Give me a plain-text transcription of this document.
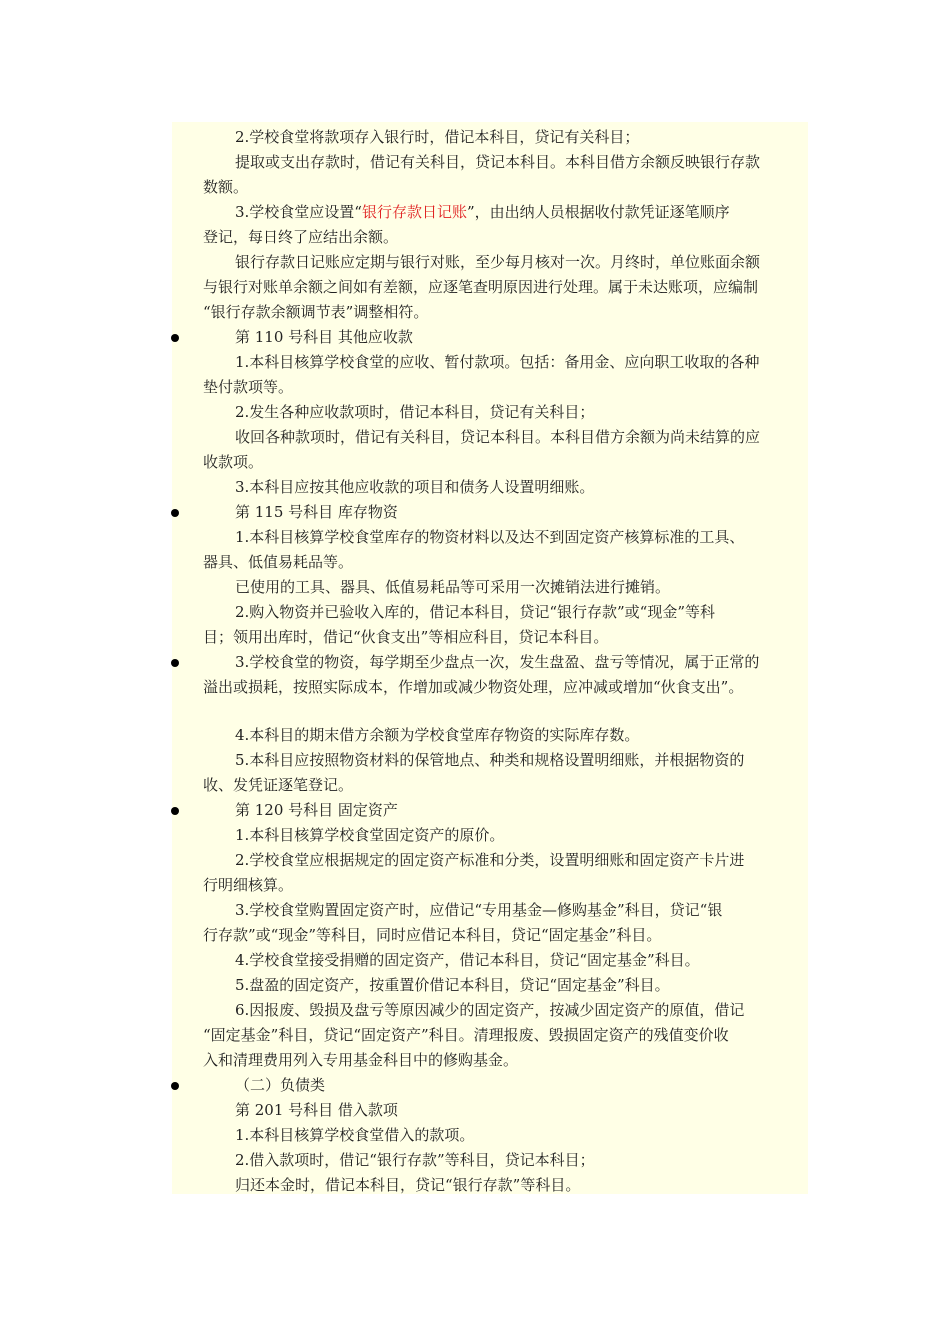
2.学校食堂将款项存入银行时，借记本科目，贷记有关科目；
提取或支出存款时，借记有关科目，贷记本科目。本科目借方余额反映银行存款
数额。
3.学校食堂应设置“银行存款日记账”，由出纳人员根据收付款凭证逐笔顺序
登记，每日终了应结出余额。
银行存款日记账应定期与银行对账，至少每月核对一次。月终时，单位账面余额
与银行对账单余额之间如有差额，应逐笔查明原因进行处理。属于未达账项，应编制
“银行存款余额调节表”调整相符。
第 110 号科目 其他应收款
1.本科目核算学校食堂的应收、暂付款项。包括：备用金、应向职工收取的各种
垫付款项等。
2.发生各种应收款项时，借记本科目，贷记有关科目；
收回各种款项时，借记有关科目，贷记本科目。本科目借方余额为尚未结算的应
收款项。
3.本科目应按其他应收款的项目和债务人设置明细账。
第 115 号科目 库存物资
1.本科目核算学校食堂库存的物资材料以及达不到固定资产核算标准的工具、
器具、低值易耗品等。
已使用的工具、器具、低值易耗品等可采用一次摊销法进行摊销。
2.购入物资并已验收入库的，借记本科目，贷记“银行存款”或“现金”等科
目；领用出库时，借记“伙食支出”等相应科目，贷记本科目。
3.学校食堂的物资，每学期至少盘点一次，发生盘盈、盘亏等情况，属于正常的
溢出或损耗，按照实际成本，作增加或减少物资处理，应冲减或增加“伙食支出”。
4.本科目的期末借方余额为学校食堂库存物资的实际库存数。
5.本科目应按照物资材料的保管地点、种类和规格设置明细账，并根据物资的
收、发凭证逐笔登记。
第 120 号科目 固定资产
1.本科目核算学校食堂固定资产的原价。
2.学校食堂应根据规定的固定资产标准和分类，设置明细账和固定资产卡片进
行明细核算。
3.学校食堂购置固定资产时，应借记“专用基金—修购基金”科目，贷记“银
行存款”或“现金”等科目，同时应借记本科目，贷记“固定基金”科目。
4.学校食堂接受捐赠的固定资产，借记本科目，贷记“固定基金”科目。
5.盘盈的固定资产，按重置价借记本科目，贷记“固定基金”科目。
6.因报废、毁损及盘亏等原因减少的固定资产，按减少固定资产的原值，借记
“固定基金”科目，贷记“固定资产”科目。清理报废、毁损固定资产的残值变价收
入和清理费用列入专用基金科目中的修购基金。
（二）负债类
第 201 号科目 借入款项
1.本科目核算学校食堂借入的款项。
2.借入款项时，借记“银行存款”等科目，贷记本科目；
归还本金时，借记本科目，贷记“银行存款”等科目。
